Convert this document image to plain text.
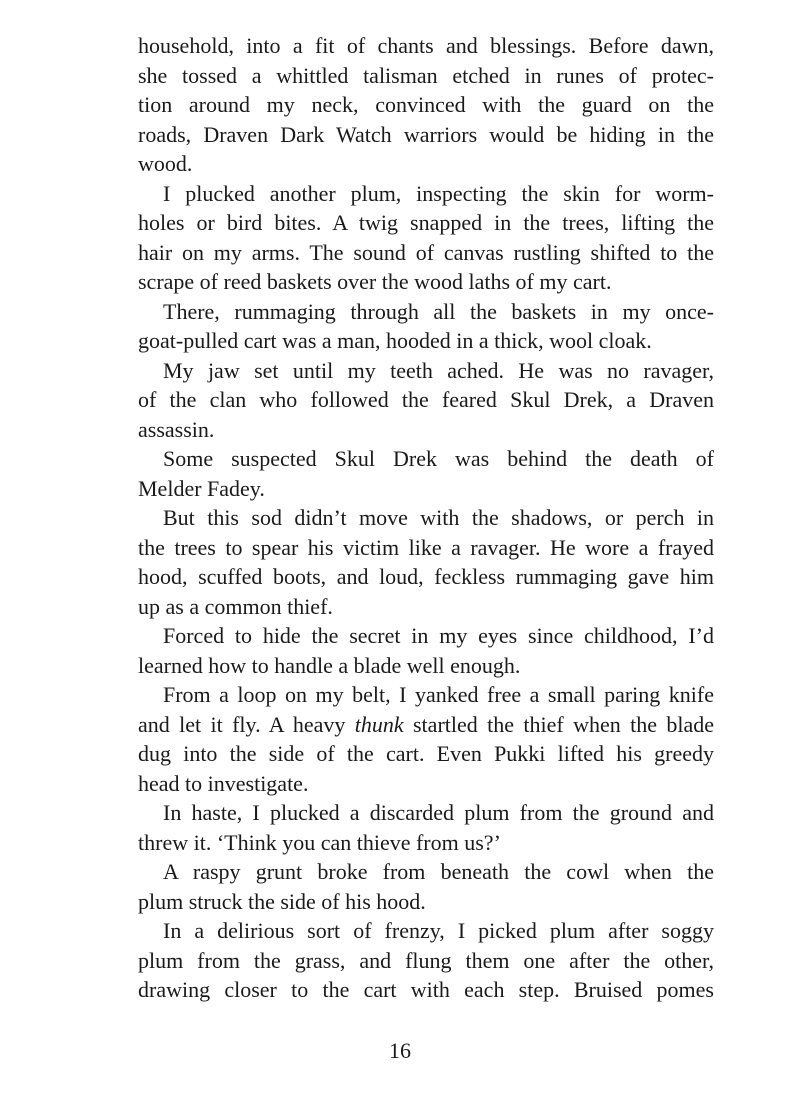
household, into a fit of chants and blessings. Before dawn,
she tossed a whittled talisman etched in runes of protec-
tion around my neck, convinced with the guard on the
roads, Draven Dark Watch warriors would be hiding in the
wood.

I plucked another plum, inspecting the skin for worm-
holes or bird bites. A twig snapped in the trees, lifting the
hair on my arms. The sound of canvas rustling shifted to the
scrape of reed baskets over the wood laths of my cart.

There, rummaging through all the baskets in my once-
goat-pulled cart was a man, hooded in a thick, wool cloak.

My jaw set until my teeth ached. He was no ravager,
of the clan who followed the feared Skul Drek, a Draven
assassin.

Some suspected Skul Drek was behind the death of
Melder Fadey.

But this sod didn’t move with the shadows, or perch in
the trees to spear his victim like a ravager. He wore a frayed
hood, scuffed boots, and loud, feckless rummaging gave him
up as a common thief.

Forced to hide the secret in my eyes since childhood, I’d
learned how to handle a blade well enough.

From a loop on my belt, I yanked free a small paring knife
and let it fly. A heavy thunk startled the thief when the blade
dug into the side of the cart. Even Pukki lifted his greedy
head to investigate.

In haste, I plucked a discarded plum from the ground and
threw it. ‘Think you can thieve from us?’

A raspy grunt broke from beneath the cowl when the
plum struck the side of his hood.

In a delirious sort of frenzy, I picked plum after soggy
plum from the grass, and flung them one after the other,
drawing closer to the cart with each step. Bruised pomes

16
